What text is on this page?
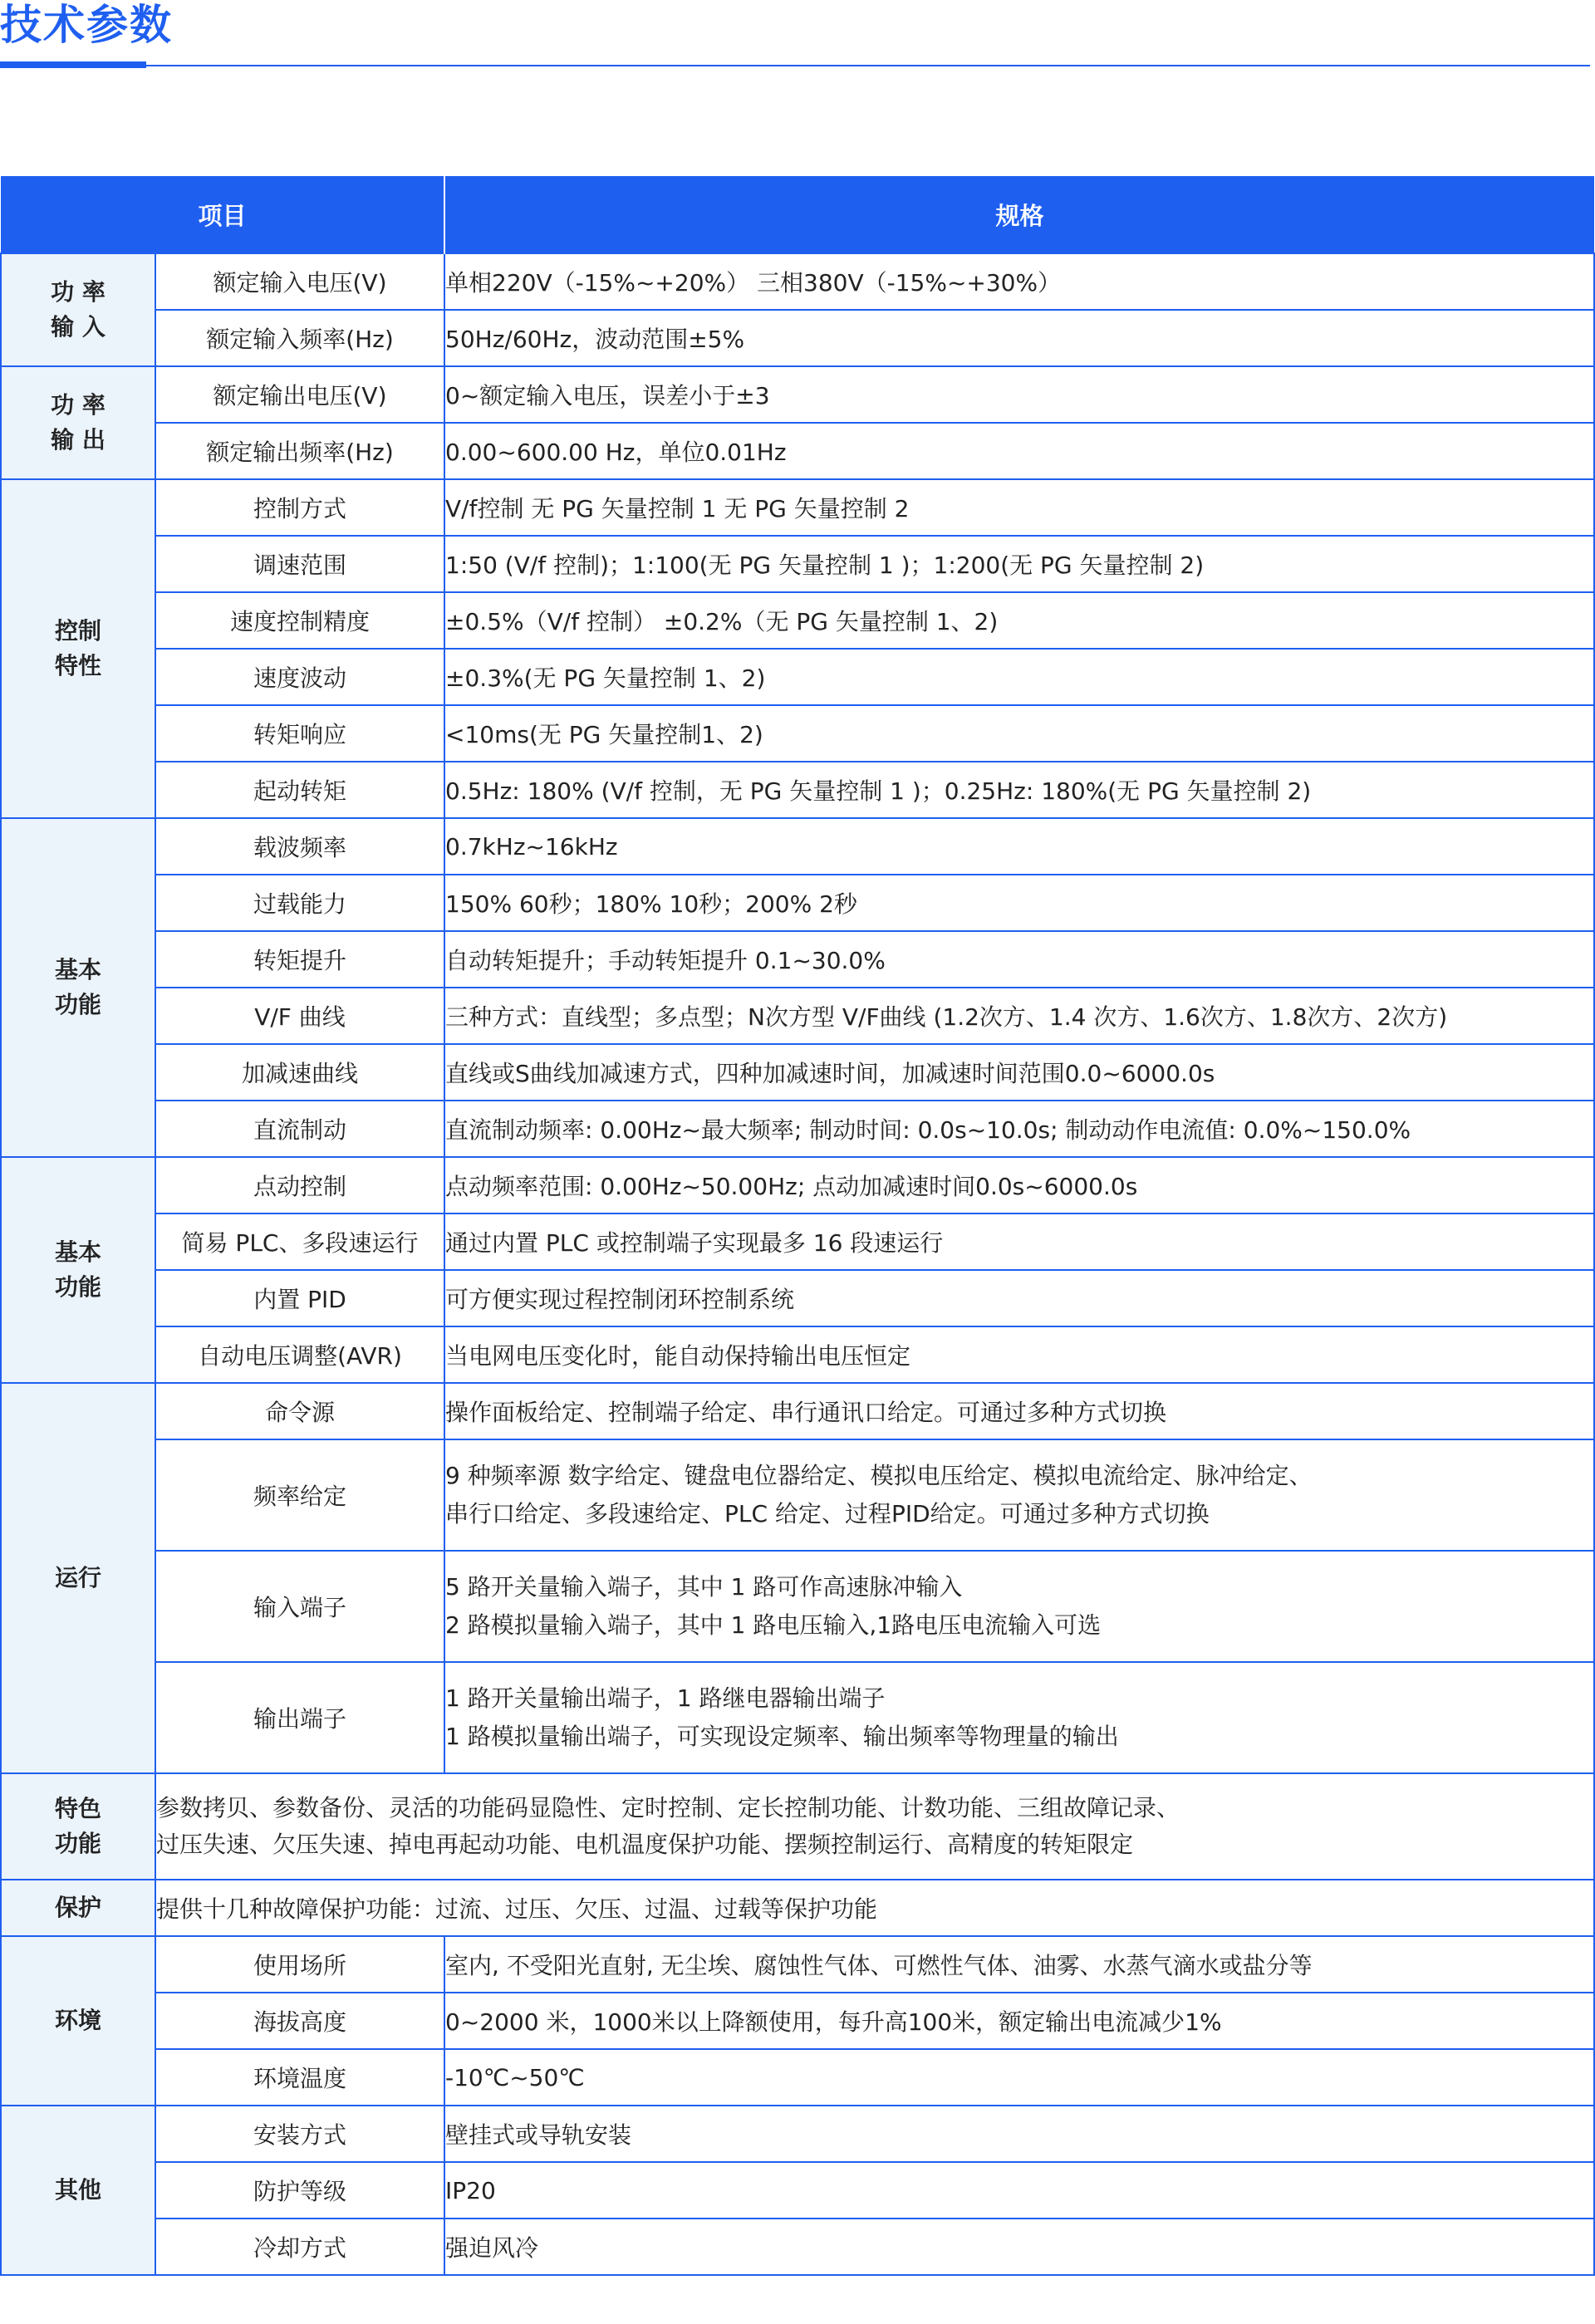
技术参数
项目		规格

功 率
输 入	额定输入电压(V)	单相220V（-15%~+20%） 三相380V（-15%~+30%）

	额定输入频率(Hz)	50Hz/60Hz，波动范围±5%

功 率
输 出	额定输出电压(V)	0~额定输入电压，误差小于±3

	额定输出频率(Hz)	0.00~600.00 Hz，单位0.01Hz

控制
特性	控制方式	V/f控制 无 PG 矢量控制 1 无 PG 矢量控制 2

	调速范围	1:50 (V/f 控制)；1:100(无 PG 矢量控制 1 )；1:200(无 PG 矢量控制 2)

	速度控制精度	±0.5%（V/f 控制） ±0.2%（无 PG 矢量控制 1、2)

	速度波动	±0.3%(无 PG 矢量控制 1、2)

	转矩响应	<10ms(无 PG 矢量控制1、2)

	起动转矩	0.5Hz: 180% (V/f 控制，无 PG 矢量控制 1 )；0.25Hz: 180%(无 PG 矢量控制 2)

基本
功能	载波频率	0.7kHz~16kHz

	过载能力	150% 60秒；180% 10秒；200% 2秒

	转矩提升	自动转矩提升；手动转矩提升 0.1~30.0%

	V/F 曲线	三种方式：直线型；多点型；N次方型 V/F曲线 (1.2次方、1.4 次方、1.6次方、1.8次方、2次方)

	加减速曲线	直线或S曲线加减速方式，四种加减速时间，加减速时间范围0.0~6000.0s

	直流制动	直流制动频率: 0.00Hz~最大频率; 制动时间: 0.0s~10.0s; 制动动作电流值: 0.0%~150.0%

基本
功能	点动控制	点动频率范围: 0.00Hz~50.00Hz; 点动加减速时间0.0s~6000.0s

	简易 PLC、多段速运行	通过内置 PLC 或控制端子实现最多 16 段速运行

	内置 PID	可方便实现过程控制闭环控制系统

	自动电压调整(AVR)	当电网电压变化时，能自动保持输出电压恒定

运行	命令源	操作面板给定、控制端子给定、串行通讯口给定。可通过多种方式切换

	频率给定	9 种频率源 数字给定、键盘电位器给定、模拟电压给定、模拟电流给定、脉冲给定、
串行口给定、多段速给定、PLC 给定、过程PID给定。可通过多种方式切换

	输入端子	5 路开关量输入端子，其中 1 路可作高速脉冲输入
2 路模拟量输入端子，其中 1 路电压输入,1路电压电流输入可选

	输出端子	1 路开关量输出端子，1 路继电器输出端子
1 路模拟量输出端子，可实现设定频率、输出频率等物理量的输出

特色
功能	参数拷贝、参数备份、灵活的功能码显隐性、定时控制、定长控制功能、计数功能、三组故障记录、
过压失速、欠压失速、掉电再起动功能、电机温度保护功能、摆频控制运行、高精度的转矩限定	

保护	提供十几种故障保护功能：过流、过压、欠压、过温、过载等保护功能	

环境	使用场所	室内, 不受阳光直射, 无尘埃、腐蚀性气体、可燃性气体、油雾、水蒸气滴水或盐分等

	海拔高度	0~2000 米，1000米以上降额使用，每升高100米，额定输出电流减少1%

	环境温度	-10℃~50℃

其他	安装方式	壁挂式或导轨安装

	防护等级	IP20

	冷却方式	强迫风冷
